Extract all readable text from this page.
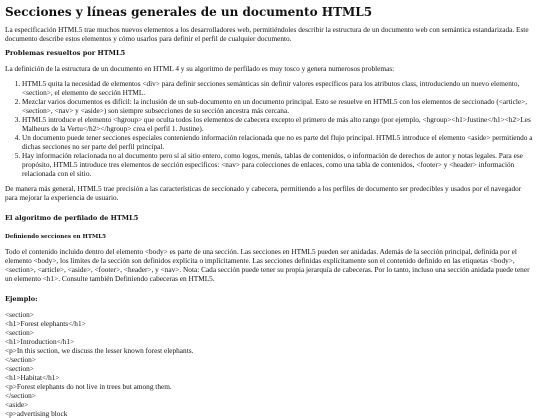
Secciones y líneas generales de un documento HTML5

La especificación HTML5 trae muchos nuevos elementos a los desarrolladores web, permitiéndoles describir la estructura de un documento web con semántica estandarizada. Este documento describe estos elementos y cómo usarlos para definir el perfil de cualquier documento.

Problemas resueltos por HTML5

La definición de la estructura de un documento en HTML 4 y su algoritmo de perfilado es muy tosco y genera numerosos problemas:

1. HTML5 quita la necesidad de elementos <div> para definir secciones semánticas sin definir valores específicos para los atributos class, introduciendo un nuevo elemento, <section>, el elemento de sección HTML.
2. Mezclar varios documentos es difícil: la inclusión de un sub-documento en un documento principal. Esto se resuelve en HTML5 con los elementos de seccionado (<article>, <section>, <nav> y <aside>) son siempre subsecciones de su sección ancestra más cercana.
3. HTML5 introduce el elemento <hgroup> que oculta todos los elementos de cabecera excepto el primero de más alto rango (por ejemplo, <hgroup><h1>Justine</h1><h2>Les Malheurs de la Vertu</h2></hgroup> crea el perfil 1. Justine).
4. Un documento puede tener secciones especiales conteniendo información relacionada que no es parte del flujo principal. HTML5 introduce el elemento <aside> permitiendo a dichas secciones no ser parte del perfil principal.
5. Hay información relacionada no al documento pero sí al sitio entero, como logos, menús, tablas de contenidos, o información de derechos de autor y notas legales. Para ese propósito, HTML5 introduce tres elementos de sección específicos: <nav> para colecciones de enlaces, como una tabla de contenidos, <footer> y <header> información relacionada con el sitio.

De manera más general, HTML5 trae precisión a las características de seccionado y cabecera, permitiendo a los perfiles de documento ser predecibles y usados por el navegador para mejorar la experiencia de usuario.

El algoritmo de perfilado de HTML5
Definiendo secciones en HTML5

Todo el contenido incluido dentro del elemento <body> es parte de una sección. Las secciones en HTML5 pueden ser anidadas. Además de la sección principal, definida por el elemento <body>, los límites de la sección son definidos explícita o implícitamente. Las secciones definidas explícitamente son el contenido definido en las etiquetas <body>, <section>, <article>, <aside>, <footer>, <header>, y <nav>. Nota: Cada sección puede tener su propia jerarquía de cabeceras. Por lo tanto, incluso una sección anidada puede tener un elemento <h1>. Consulte también Definiendo cabeceras en HTML5.

Ejemplo:
<section>
<h1>Forest elephants</h1>
<section>
<h1>Introduction</h1>
<p>In this section, we discuss the lesser known forest elephants.
</section>
<section>
<h1>Habitat</h1>
<p>Forest elephants do not live in trees but among them.
</section>
<aside>
<p>advertising block
